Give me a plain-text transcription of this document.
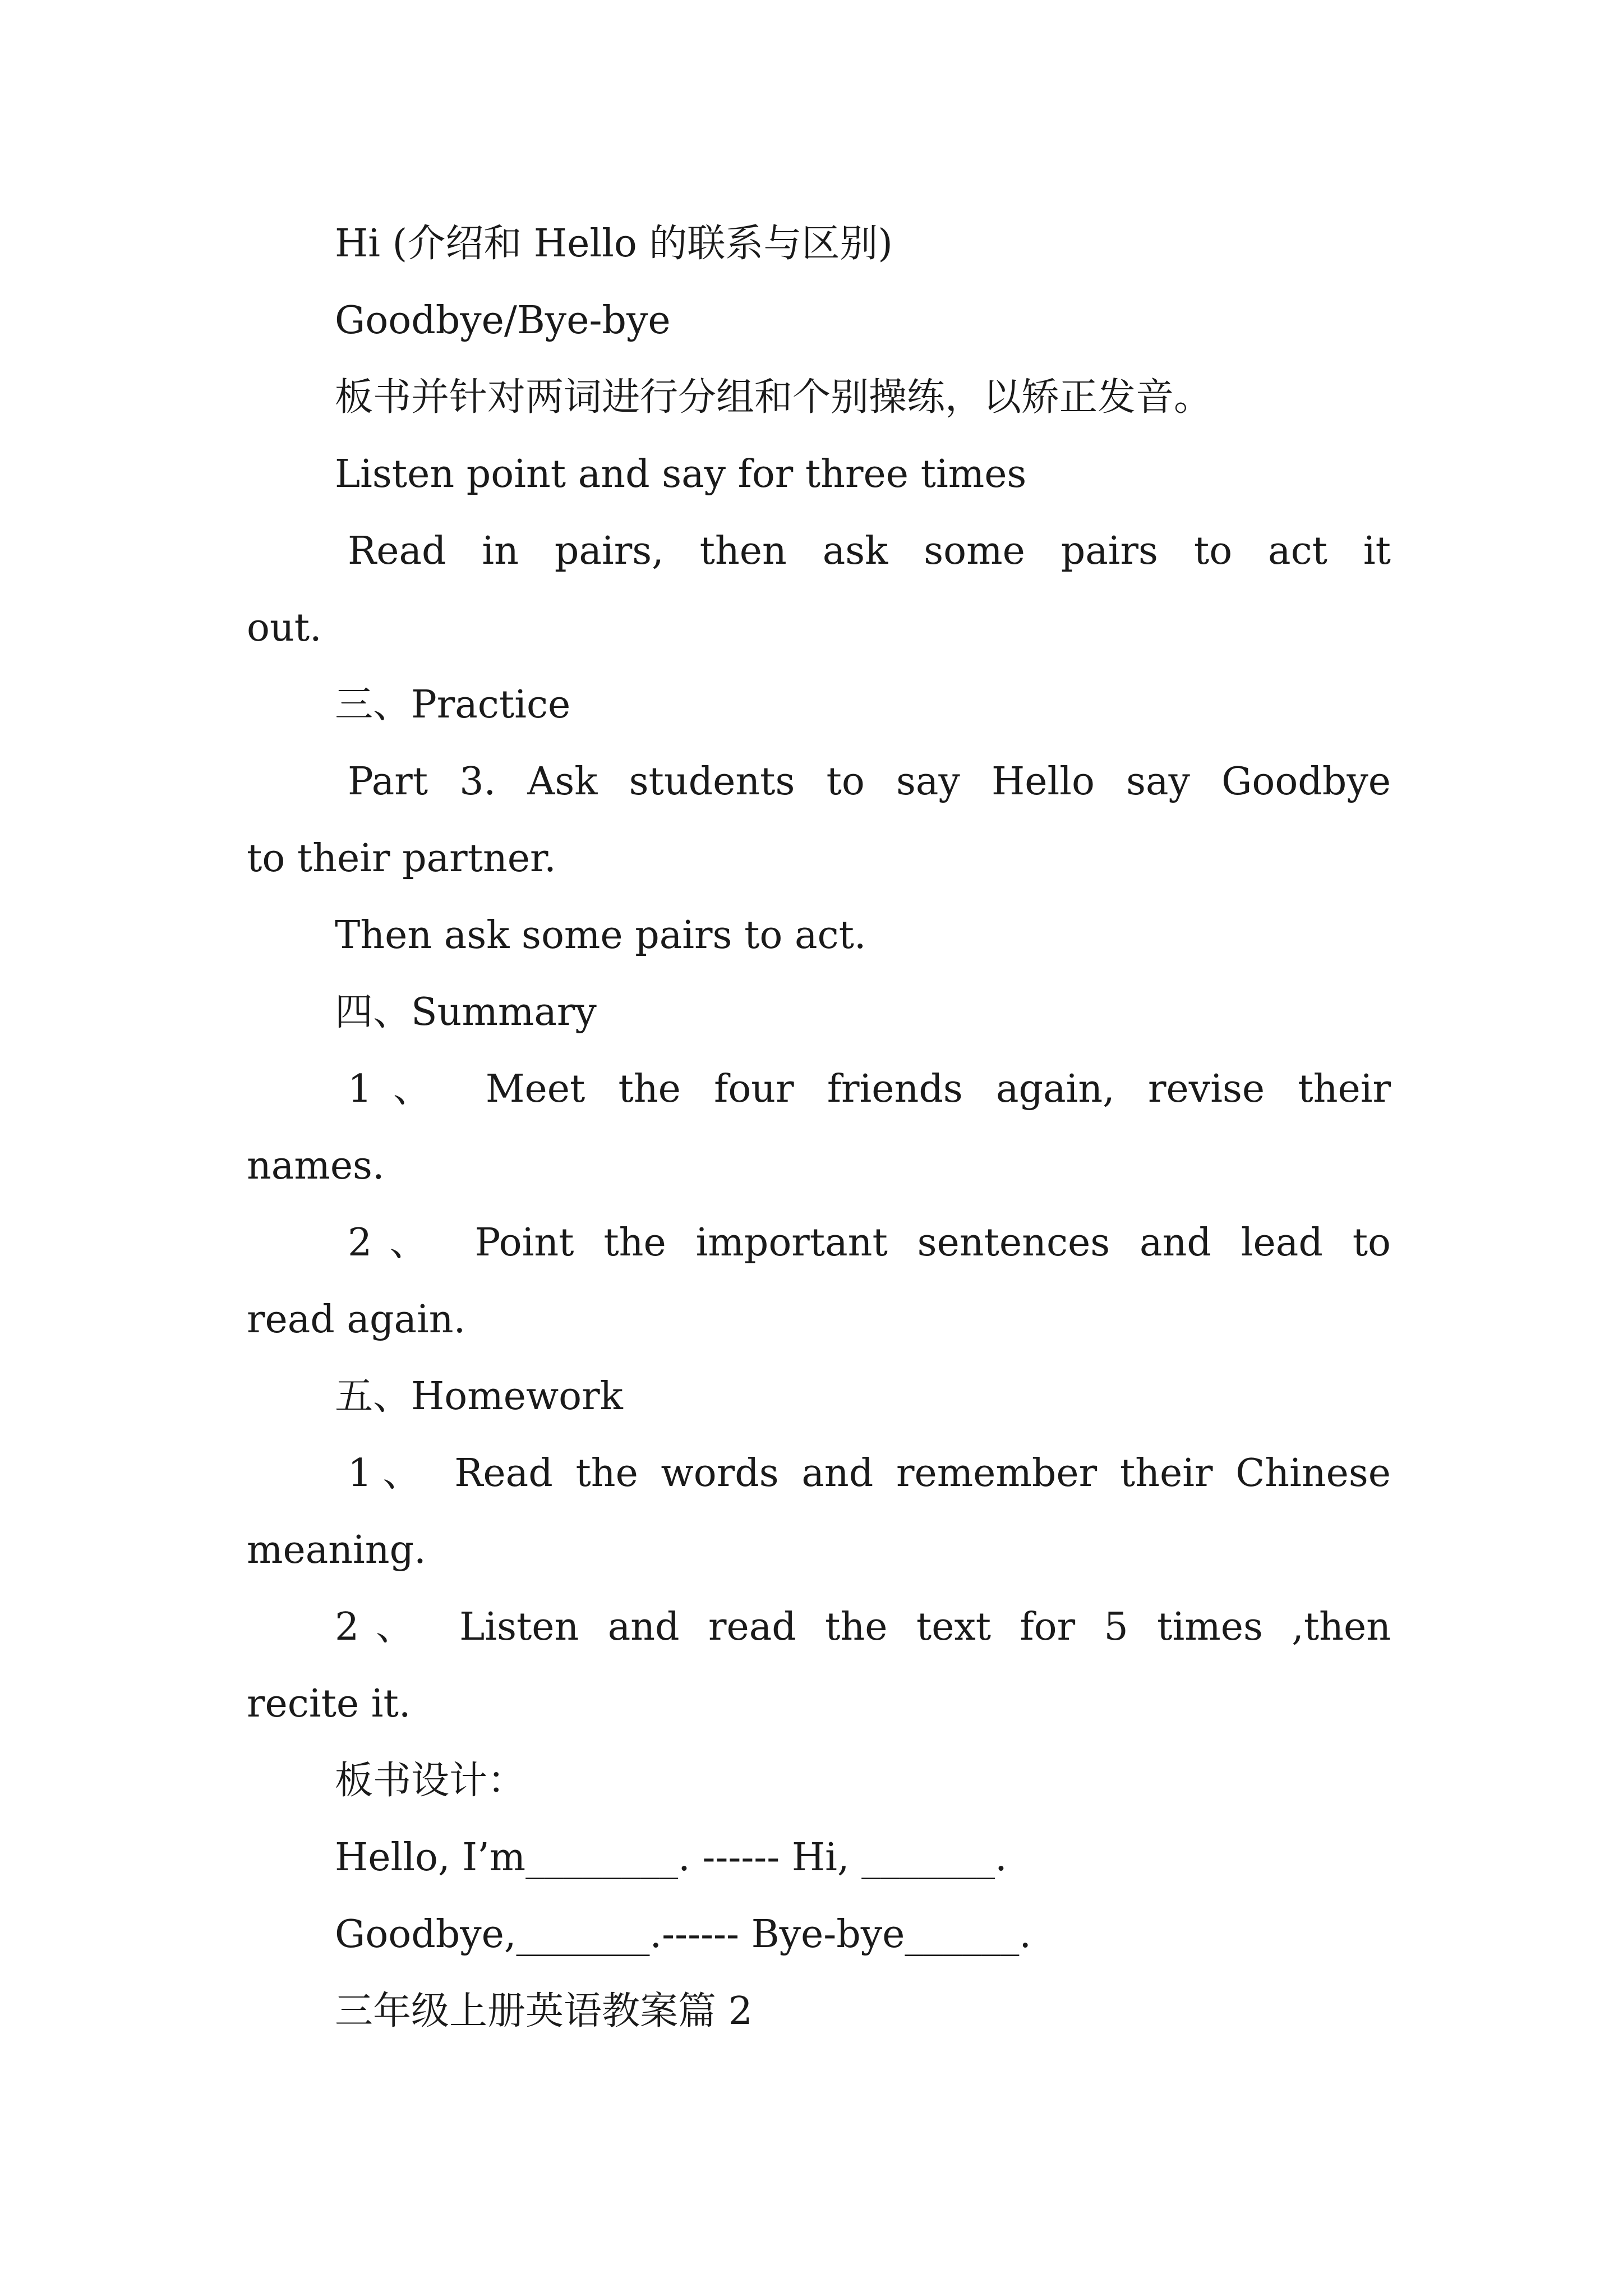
Hi (介绍和 Hello 的联系与区别)
Goodbye/Bye-bye
板书并针对两词进行分组和个别操练，以矫正发音。
Listen point and say for three times
Read in pairs, then ask some pairs to act it
out.
三、Practice
Part 3. Ask students to say Hello say Goodbye
to their partner.
Then ask some pairs to act.
四、Summary
1、 Meet the four friends again, revise their
names.
2、 Point the important sentences and lead to
read again.
五、Homework
1、 Read the words and remember their Chinese
meaning.
2、 Listen and read the text for 5 times ,then
recite it.
板书设计：
Hello, I’m________. ------ Hi, _______.
Goodbye,_______.------ Bye-bye______.
三年级上册英语教案篇 2
